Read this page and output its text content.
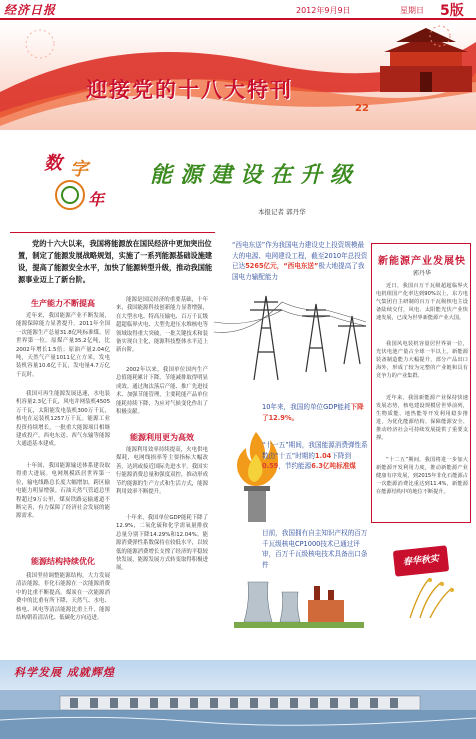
经济日报	2012年9月9日	星期日 5版
迎接党的十八大特刊
22
数 字
年
能源建设在升级
本报记者 郭丹华
党的十六大以来，我国将能源放在国民经济中更加突出位置，制定了能源发展战略规划，实施了一系列能源基础设施建设，提高了能源安全水平，加快了能源转型升级，推动我国能源事业迈上了新台阶。
生产能力不断提高
近年来，我国能源产业不断发展，能源保障能力显著提升。2011年全国一次能源生产总量31.8亿吨标准煤，居世界第一位。原煤产量35.2亿吨，比2002年增长1.5倍；原油产量2.04亿吨，天然气产量1011亿立方米，发电装机容量10.6亿千瓦，发电量4.7万亿千瓦时。
我国可再生能源发展迅速，水电装机容量2.3亿千瓦，风电并网装机4505万千瓦，太阳能发电装机300万千瓦，核电在运装机1257万千瓦。能源工业投资持续增长，一批重大能源项目相继建成投产，西电东送、西气东输等能源大通道基本建成。
十年间，我国能源输送体系建设取得重大进展。电网规模跃居世界第一位，输电线路总长度大幅增加，跨区输电能力明显增强。石油天然气管道总里程超过9万公里，煤炭铁路运输通道不断完善，有力保障了经济社会发展的能源需求。
能源结构持续优化
我国坚持调整能源结构，大力发展清洁能源，非化石能源在一次能源消费中的比重不断提高。煤炭在一次能源消费中的比重有所下降，天然气、水电、核电、风电等清洁能源比重上升，能源结构朝着清洁化、低碳化方向迈进。
能源是国民经济的重要基础，十年来，我国能源科技创新能力显著增强，在大型水电、特高压输电、百万千瓦级超超临界火电、大型先进压水堆核电等领域取得重大突破，一批关键技术和装备实现自主化，能源科技整体水平迈上新台阶。
2002年以来，我国单位国内生产总值能耗累计下降，节能减排取得明显成效。通过淘汰落后产能、推广先进技术、加强节能管理，主要耗能产品单位能耗持续下降，为应对气候变化作出了积极贡献。
能源利用更为高效
能源利用效率持续提高，火电供电煤耗、电网线损率等主要指标大幅改善，达到或接近国际先进水平。我国实行能源消费总量和强度双控，推动形成节约能源的生产方式和生活方式，能源利用效率不断提升。
十年来，我国单位GDP能耗下降了12.9%，二氧化硫和化学需氧量排放总量分别下降14.29%和12.04%。能源消费弹性系数保持在较低水平，以较低的能源消费增长支撑了经济的平稳较快发展，能源发展方式转变取得积极进展。
“西电东送”作为我国电力建设史上投资规模最大的电源、电网建设工程，截至2010年总投资已达5265亿元，“西电东送”极大地提高了我国电力输配能力
10年来，我国的单位GDP能耗下降了12.9%。
“十一五”期间，我国能源消费弹性系数由“十五”时期的1.04下降到0.59，节约能源6.3亿吨标准煤
目前，我国拥有自主知识产权的百万千瓦级核电CP1000技术已通过评审，百万千瓦级核电技术具备出口条件
新能源产业发展快
郭丹华
近日，我国百万千瓦级超超临界火电机组国产化率达到90%以上，东方电气集团自主研制的百万千瓦级核电主设备陆续交付，风电、太阳能光伏产业快速发展，已成为世界新能源产业大国。
我国风电装机容量居世界第一位，光伏电池产量占全球一半以上。新能源装备制造能力大幅提升，部分产品出口海外，形成了较为完整的产业链和具有竞争力的产业集群。
近年来，我国新能源产业保持快速发展态势，核电建设规模居世界前列，生物质能、地热能等开发利用稳步推进，为优化能源结构、保障能源安全、推动经济社会可持续发展提供了重要支撑。
“十二五”期间，我国将进一步加大新能源开发利用力度，推动新能源产业健康有序发展，到2015年非化石能源占一次能源消费比重达到11.4%，新能源在能源结构中的地位不断提升。
春华秋实
科学发展 成就辉煌
